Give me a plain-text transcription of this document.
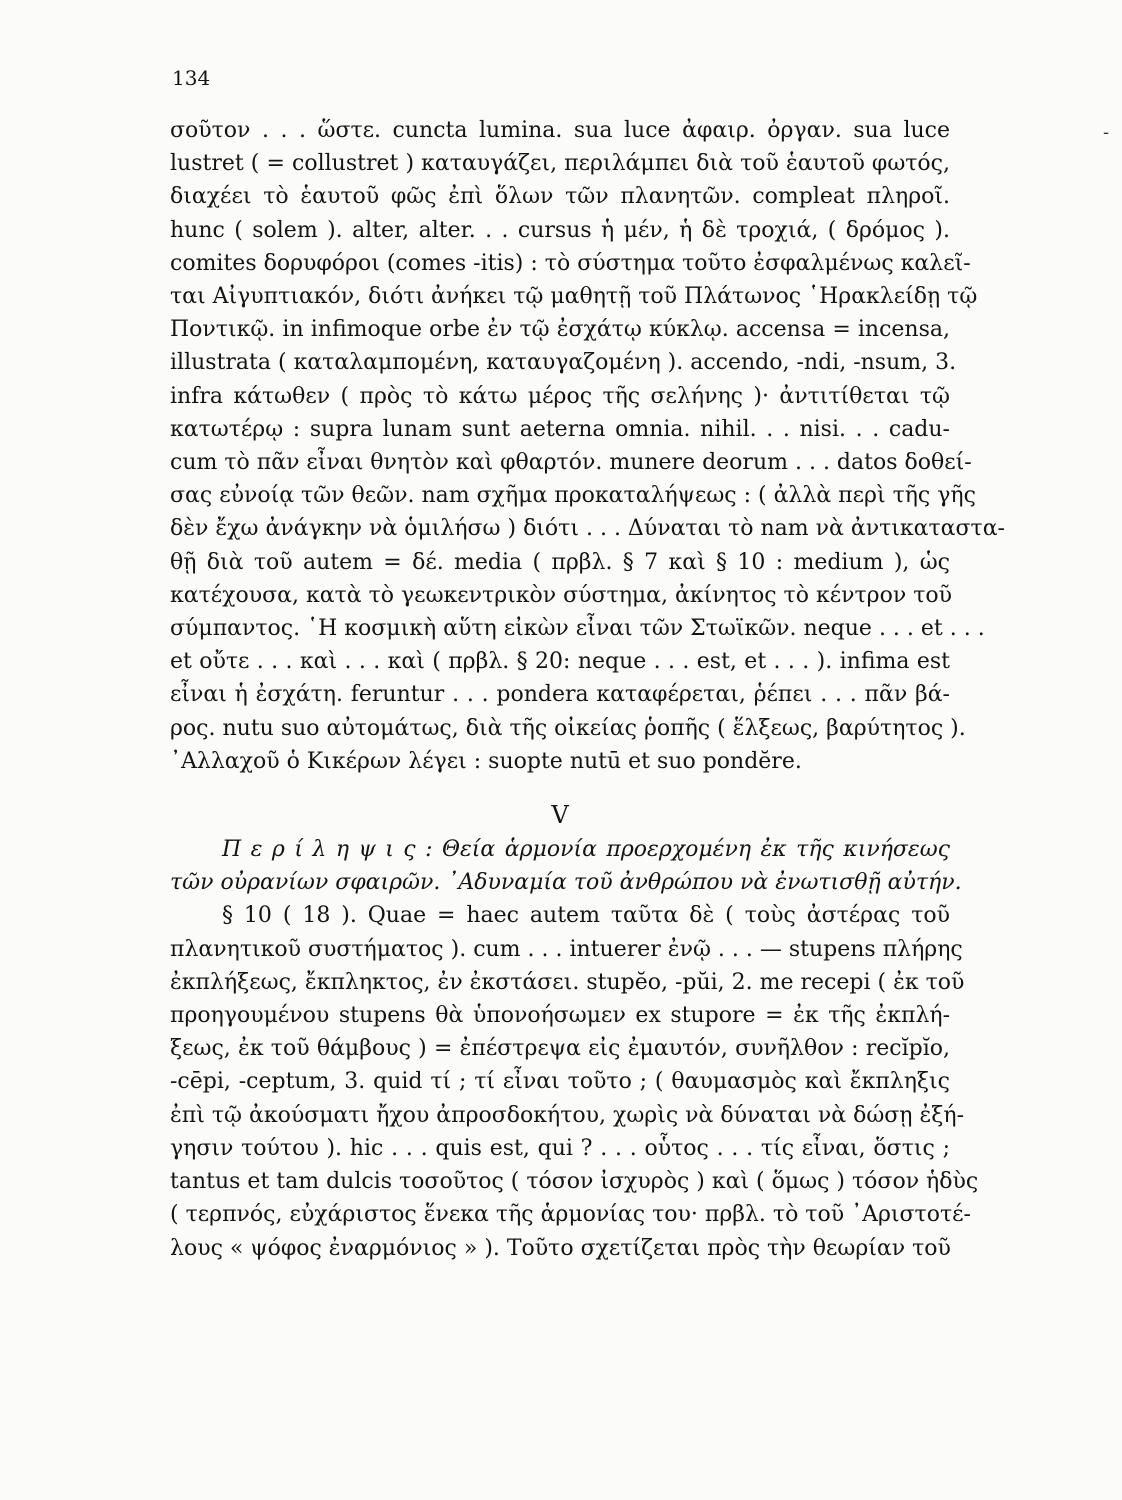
134
σοῦτον . . . ὥστε. cuncta lumina. sua luce ἀφαιρ. ὀργαν. sua luce
lustret ( = collustret ) καταυγάζει, περιλάμπει διὰ τοῦ ἑαυτοῦ φωτός,
διαχέει τὸ ἑαυτοῦ φῶς ἐπὶ ὅλων τῶν πλανητῶν. compleat πληροῖ.
hunc ( solem ). alter, alter. . . cursus ἡ μέν, ἡ δὲ τροχιά, ( δρόμος ).
comites δορυφόροι (comes -itis) : τὸ σύστημα τοῦτο ἐσφαλμένως καλεῖ-
ται Αἰγυπτιακόν, διότι ἀνήκει τῷ μαθητῇ τοῦ Πλάτωνος ῾Ηρακλείδῃ τῷ
Ποντικῷ. in infimoque orbe ἐν τῷ ἐσχάτῳ κύκλῳ. accensa = incensa,
illustrata ( καταλαμπομένη, καταυγαζομένη ). accendo, -ndi, -nsum, 3.
infra κάτωθεν ( πρὸς τὸ κάτω μέρος τῆς σελήνης )· ἀντιτίθεται τῷ
κατωτέρῳ : supra lunam sunt aeterna omnia. nihil. . . nisi. . . cadu-
cum τὸ πᾶν εἶναι θνητὸν καὶ φθαρτόν. munere deorum . . . datos δοθεί-
σας εὐνοίᾳ τῶν θεῶν. nam σχῆμα προκαταλήψεως : ( ἀλλὰ περὶ τῆς γῆς
δὲν ἔχω ἀνάγκην νὰ ὁμιλήσω ) διότι . . . Δύναται τὸ nam νὰ ἀντικαταστα-
θῇ διὰ τοῦ autem = δέ. media ( πρβλ. § 7 καὶ § 10 : medium ), ὡς
κατέχουσα, κατὰ τὸ γεωκεντρικὸν σύστημα, ἀκίνητος τὸ κέντρον τοῦ
σύμπαντος. ῾Η κοσμικὴ αὕτη εἰκὼν εἶναι τῶν Στωϊκῶν. neque . . . et . . .
et οὔτε . . . καὶ . . . καὶ ( πρβλ. § 20: neque . . . est, et . . . ). infima est
εἶναι ἡ ἐσχάτη. feruntur . . . pondera καταφέρεται, ῥέπει . . . πᾶν βά-
ρος. nutu suo αὐτομάτως, διὰ τῆς οἰκείας ῥοπῆς ( ἕλξεως, βαρύτητος ).
᾿Αλλαχοῦ ὁ Κικέρων λέγει : suopte nutū et suo pondĕre.
V
Π ε ρ ί λ η ψ ι ς : Θεία ἁρμονία προερχομένη ἐκ τῆς κινήσεως
τῶν οὐρανίων σφαιρῶν. ᾿Αδυναμία τοῦ ἀνθρώπου νὰ ἐνωτισθῇ αὐτήν.
§ 10 ( 18 ). Quae = haec autem ταῦτα δὲ ( τοὺς ἀστέρας τοῦ
πλανητικοῦ συστήματος ). cum . . . intuerer ἐνῷ . . . — stupens πλήρης
ἐκπλήξεως, ἔκπληκτος, ἐν ἐκστάσει. stupĕo, -pŭi, 2. me recepi ( ἐκ τοῦ
προηγουμένου stupens θὰ ὑπονοήσωμεν ex stupore = ἐκ τῆς ἐκπλή-
ξεως, ἐκ τοῦ θάμβους ) = ἐπέστρεψα εἰς ἐμαυτόν, συνῆλθον : recĭpĭo,
-cēpi, -ceptum, 3. quid τί ; τί εἶναι τοῦτο ; ( θαυμασμὸς καὶ ἔκπληξις
ἐπὶ τῷ ἀκούσματι ἤχου ἀπροσδοκήτου, χωρὶς νὰ δύναται νὰ δώσῃ ἐξή-
γησιν τούτου ). hic . . . quis est, qui ? . . . οὗτος . . . τίς εἶναι, ὅστις ;
tantus et tam dulcis τοσοῦτος ( τόσον ἰσχυρὸς ) καὶ ( ὅμως ) τόσον ἡδὺς
( τερπνός, εὐχάριστος ἕνεκα τῆς ἁρμονίας του· πρβλ. τὸ τοῦ ᾿Αριστοτέ-
λους « ψόφος ἐναρμόνιος » ). Τοῦτο σχετίζεται πρὸς τὴν θεωρίαν τοῦ
-
